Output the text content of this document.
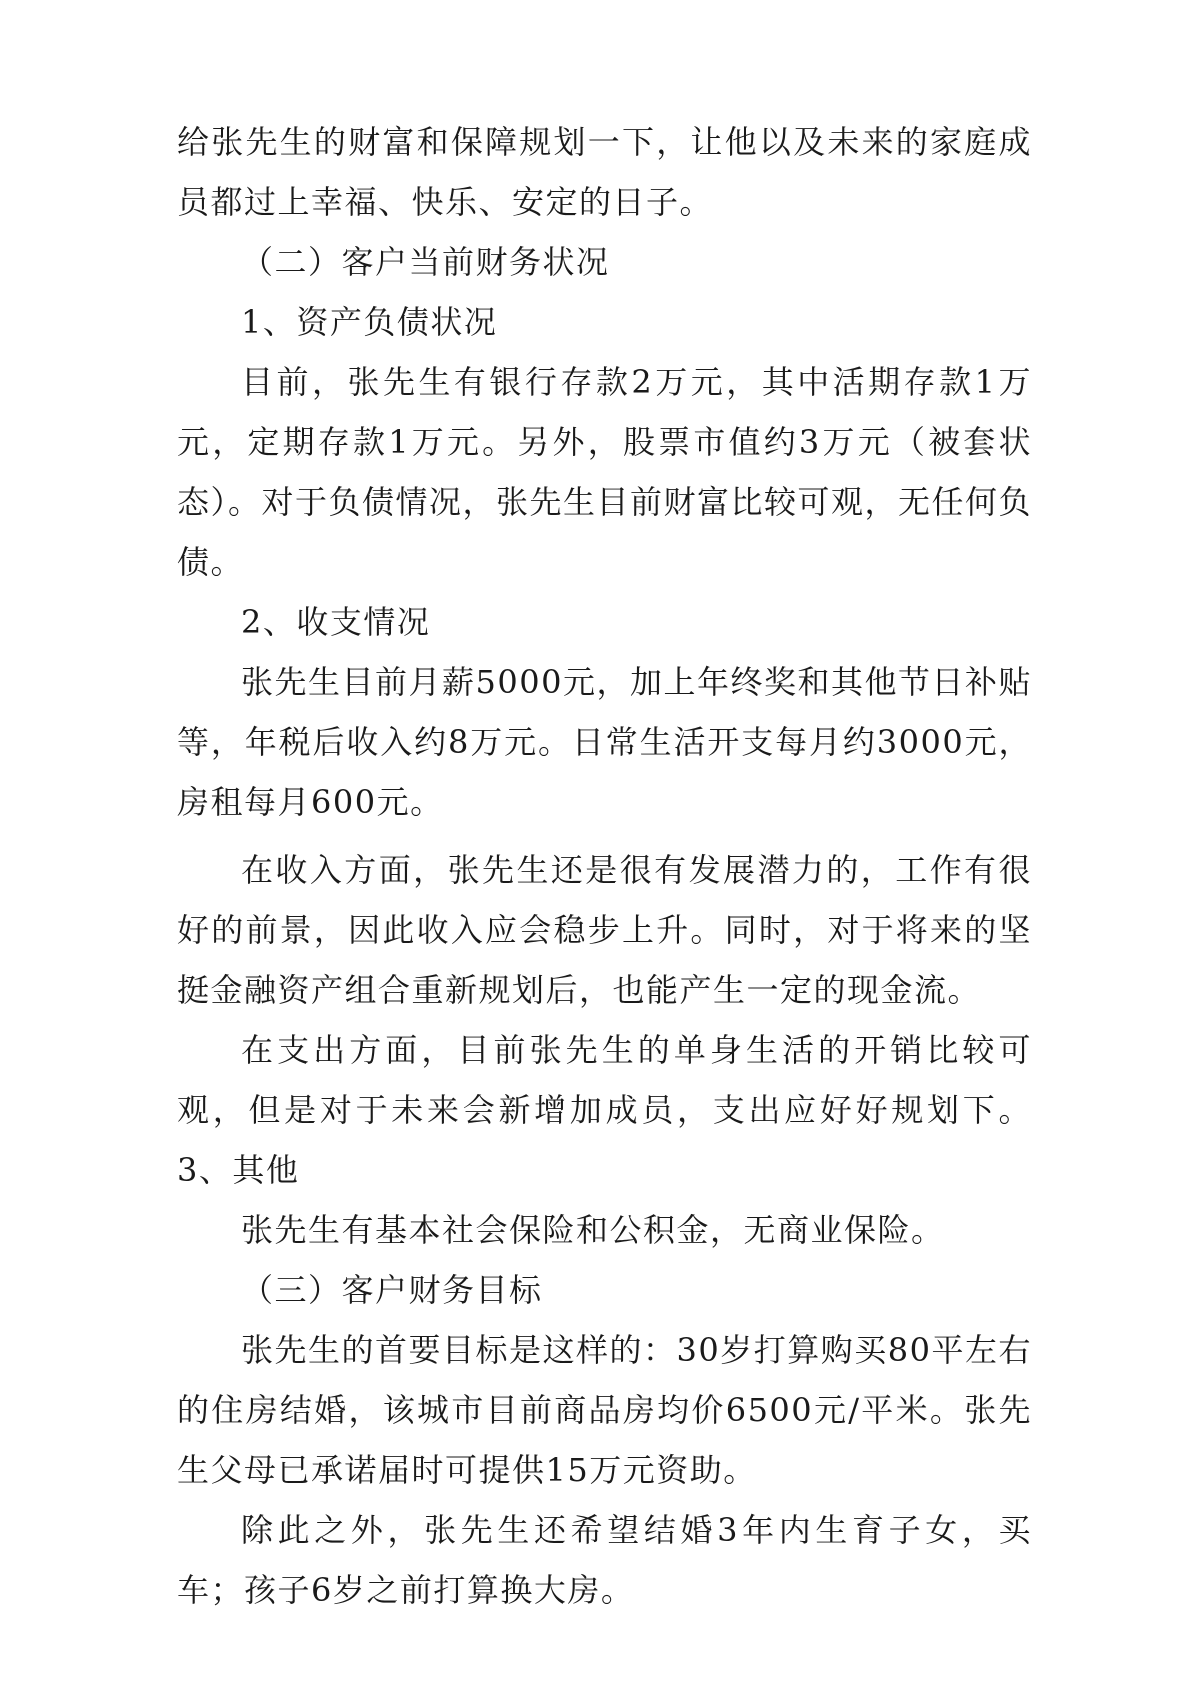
给张先生的财富和保障规划一下，让他以及未来的家庭成员都过上幸福、快乐、安定的日子。

（二）客户当前财务状况

1、资产负债状况

目前，张先生有银行存款2万元，其中活期存款1万元，定期存款1万元。另外，股票市值约3万元（被套状态）。对于负债情况，张先生目前财富比较可观，无任何负债。

2、收支情况

张先生目前月薪5000元，加上年终奖和其他节日补贴等，年税后收入约8万元。日常生活开支每月约3000元，房租每月600元。

在收入方面，张先生还是很有发展潜力的，工作有很好的前景，因此收入应会稳步上升。同时，对于将来的坚挺金融资产组合重新规划后，也能产生一定的现金流。

在支出方面，目前张先生的单身生活的开销比较可观，但是对于未来会新增加成员，支出应好好规划下。3、其他

张先生有基本社会保险和公积金，无商业保险。

（三）客户财务目标

张先生的首要目标是这样的：30岁打算购买80平左右的住房结婚，该城市目前商品房均价6500元/平米。张先生父母已承诺届时可提供15万元资助。

除此之外，张先生还希望结婚3年内生育子女，买车；孩子6岁之前打算换大房。
